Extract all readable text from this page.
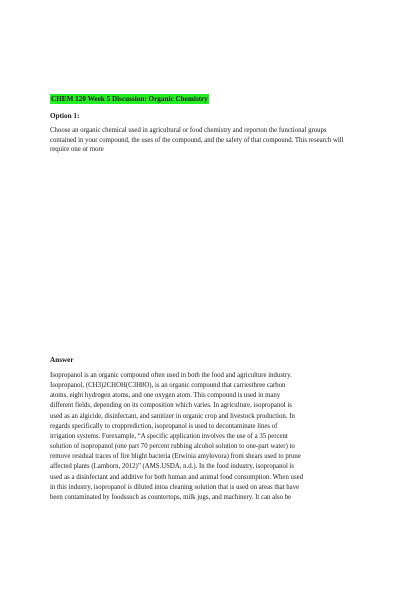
CHEM 120 Week 5 Discussion: Organic Chemistry
Option 1:
Choose an organic chemical used in agricultural or food chemistry and reporton the functional groups contained in your compound, the uses of the compound, and the safety of that compound. This research will require one or more
Answer
Isopropanol is an organic compound often used in both the food and agriculture industry.
Isopropanol, (CH3)2CHOH(C3H8O), is an organic compound that carriesthree carbon
atoms, eight hydrogen atoms, and one oxygen atom. This compound is used in many
different fields, depending on its composition which varies. In agriculture, isopropanol is
used as an algicide, disinfectant, and sanitizer in organic crop and livestock production. In
regards specifically to cropprediction, isopropanol is used to decontaminate lines of
irrigation systems. Forexample, “A specific application involves the use of a 35 percent
solution of isopropanol (one part 70 percent rubbing alcohol solution to one-part water) to
remove residual traces of fire blight bacteria (Erwinia amylovora) from shears used to prune
affected plants (Lamborn, 2012)” (AMS.USDA, n.d.). In the food industry, isopropanol is
used as a disinfectant and additive for both human and animal food consumption. When used
in this industry, isopropanol is diluted intoa cleaning solution that is used on areas that have
been contaminated by foodssuch as countertops, milk jugs, and machinery. It can also be
